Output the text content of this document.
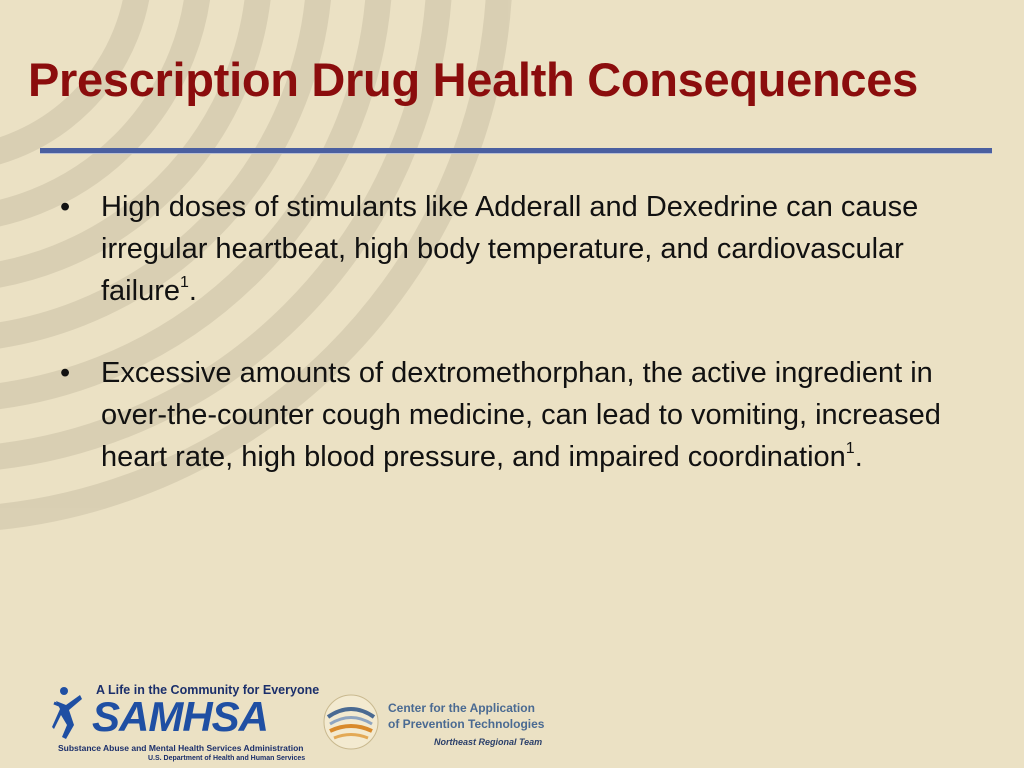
Prescription Drug Health Consequences
• High doses of stimulants like Adderall and Dexedrine can cause irregular heartbeat, high body temperature, and cardiovascular failure$^1$.
• Excessive amounts of dextromethorphan, the active ingredient in over-the-counter cough medicine, can lead to vomiting, increased heart rate, high blood pressure, and impaired coordination$^1$.
A Life in the Community for Everyone
SAMHSA
Substance Abuse and Mental Health Services Administration
U.S. Department of Health and Human Services
Center for the Application
of Prevention Technologies
Northeast Regional Team
